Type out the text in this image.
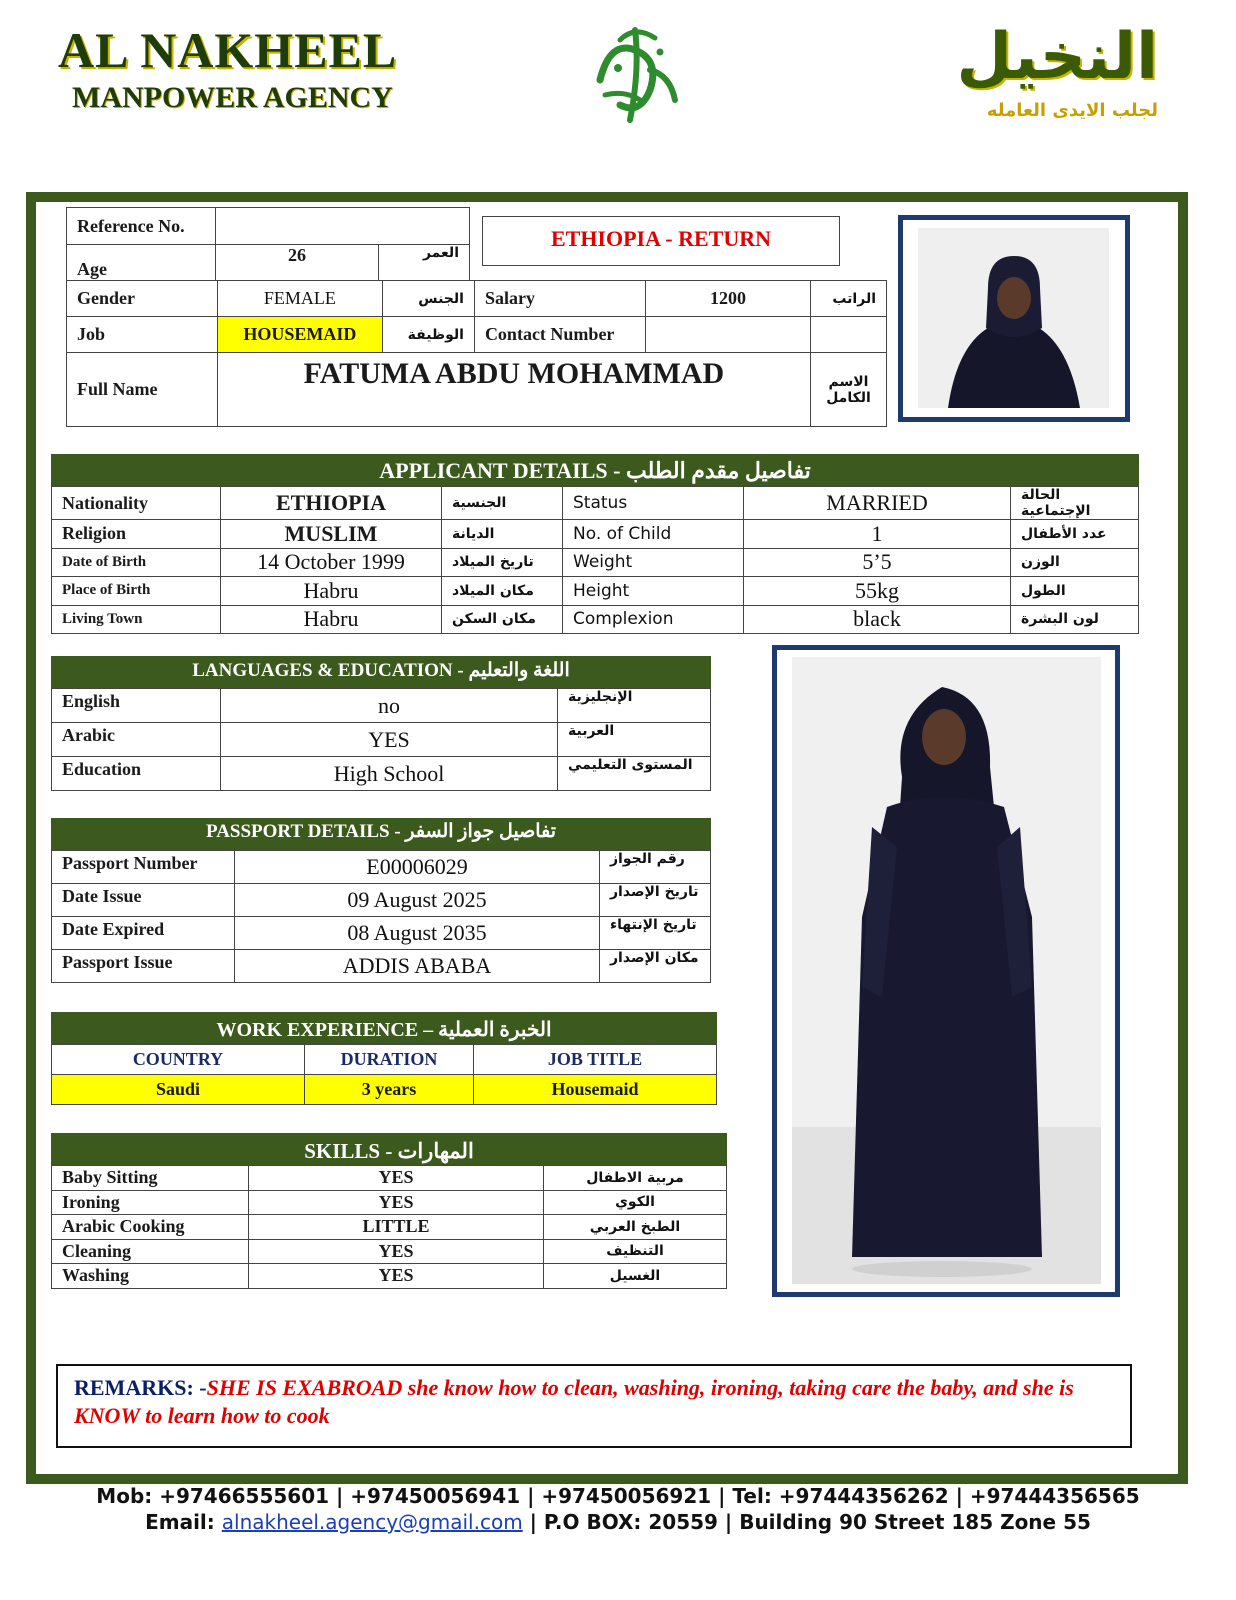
AL NAKHEEL
MANPOWER AGENCY
النخيل
لجلب الايدى العامله
Reference No.		
Age	26	العمر
ETHIOPIA - RETURN
Gender	FEMALE	الجنس	Salary	1200	الراتب
Job	HOUSEMAID	الوظيفة	Contact Number		
Full Name	FATUMA ABDU MOHAMMAD				الاسم الكامل
APPLICANT DETAILS - تفاصيل مقدم الطلب
Nationality	ETHIOPIA	الجنسية	Status	MARRIED	الحالة الإجتماعية
Religion	MUSLIM	الديانة	No. of Child	1	عدد الأطفال
Date of Birth	14 October 1999	تاريخ الميلاد	Weight	5’5	الوزن
Place of Birth	Habru	مكان الميلاد	Height	55kg	الطول
Living Town	Habru	مكان السكن	Complexion	black	لون البشرة
LANGUAGES & EDUCATION - اللغة والتعليم
English	no	الإنجليزية
Arabic	YES	العربية
Education	High School	المستوى التعليمي
PASSPORT DETAILS - تفاصيل جواز السفر
Passport Number	E00006029	رقم الجواز
Date Issue	09 August 2025	تاريخ الإصدار
Date Expired	08 August 2035	تاريخ الإنتهاء
Passport Issue	ADDIS ABABA	مكان الإصدار
WORK EXPERIENCE – الخبرة العملية
COUNTRY	DURATION	JOB TITLE
Saudi	3 years	Housemaid
SKILLS - المهارات
Baby Sitting	YES	مربية الاطفال
Ironing	YES	الكوي
Arabic Cooking	LITTLE	الطبخ العربي
Cleaning	YES	التنظيف
Washing	YES	الغسيل
REMARKS: -SHE IS EXABROAD she know how to clean, washing, ironing, taking care the baby, and she is KNOW to learn how to cook
Mob: +97466555601 | +97450056941 | +97450056921 | Tel: +97444356262 | +97444356565
Email: alnakheel.agency@gmail.com | P.O BOX: 20559 | Building 90 Street 185 Zone 55
